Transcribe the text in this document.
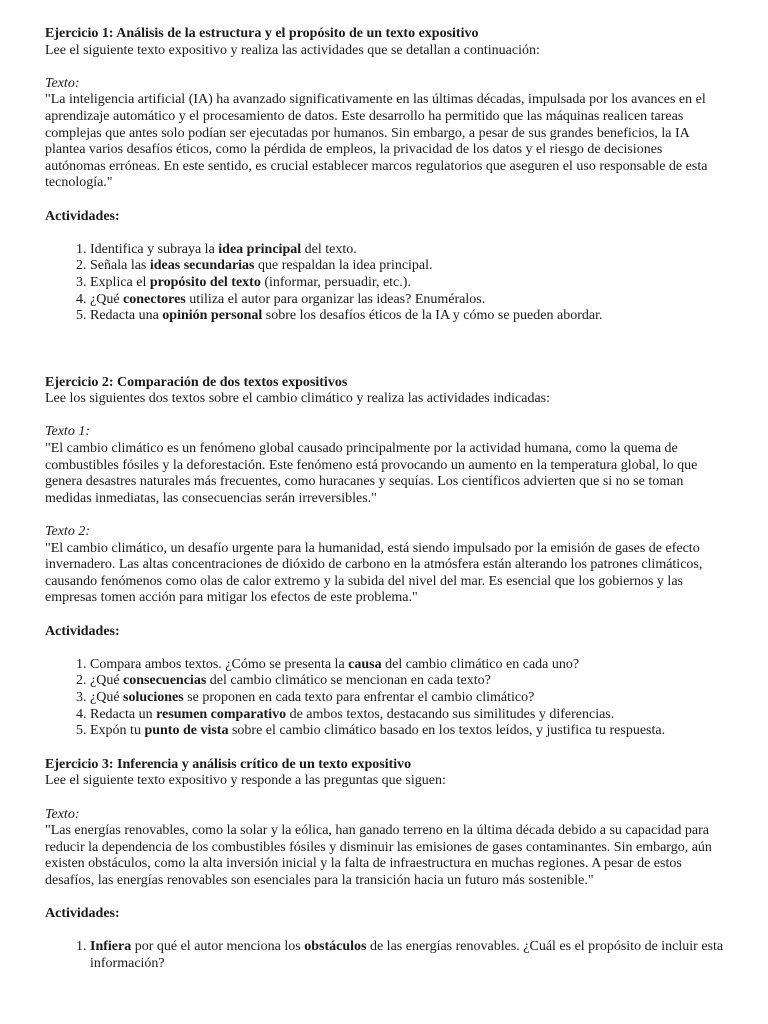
Ejercicio 1: Análisis de la estructura y el propósito de un texto expositivo

Lee el siguiente texto expositivo y realiza las actividades que se detallan a continuación:

Texto:

"La inteligencia artificial (IA) ha avanzado significativamente en las últimas décadas, impulsada por los avances en el aprendizaje automático y el procesamiento de datos. Este desarrollo ha permitido que las máquinas realicen tareas complejas que antes solo podían ser ejecutadas por humanos. Sin embargo, a pesar de sus grandes beneficios, la IA plantea varios desafíos éticos, como la pérdida de empleos, la privacidad de los datos y el riesgo de decisiones autónomas erróneas. En este sentido, es crucial establecer marcos regulatorios que aseguren el uso responsable de esta tecnología."

Actividades:

1. Identifica y subraya la idea principal del texto.
2. Señala las ideas secundarias que respaldan la idea principal.
3. Explica el propósito del texto (informar, persuadir, etc.).
4. ¿Qué conectores utiliza el autor para organizar las ideas? Enuméralos.
5. Redacta una opinión personal sobre los desafíos éticos de la IA y cómo se pueden abordar.

Ejercicio 2: Comparación de dos textos expositivos

Lee los siguientes dos textos sobre el cambio climático y realiza las actividades indicadas:

Texto 1:

"El cambio climático es un fenómeno global causado principalmente por la actividad humana, como la quema de combustibles fósiles y la deforestación. Este fenómeno está provocando un aumento en la temperatura global, lo que genera desastres naturales más frecuentes, como huracanes y sequías. Los científicos advierten que si no se toman medidas inmediatas, las consecuencias serán irreversibles."

Texto 2:

"El cambio climático, un desafío urgente para la humanidad, está siendo impulsado por la emisión de gases de efecto invernadero. Las altas concentraciones de dióxido de carbono en la atmósfera están alterando los patrones climáticos, causando fenómenos como olas de calor extremo y la subida del nivel del mar. Es esencial que los gobiernos y las empresas tomen acción para mitigar los efectos de este problema."

Actividades:

1. Compara ambos textos. ¿Cómo se presenta la causa del cambio climático en cada uno?
2. ¿Qué consecuencias del cambio climático se mencionan en cada texto?
3. ¿Qué soluciones se proponen en cada texto para enfrentar el cambio climático?
4. Redacta un resumen comparativo de ambos textos, destacando sus similitudes y diferencias.
5. Expón tu punto de vista sobre el cambio climático basado en los textos leídos, y justifica tu respuesta.

Ejercicio 3: Inferencia y análisis crítico de un texto expositivo

Lee el siguiente texto expositivo y responde a las preguntas que siguen:

Texto:

"Las energías renovables, como la solar y la eólica, han ganado terreno en la última década debido a su capacidad para reducir la dependencia de los combustibles fósiles y disminuir las emisiones de gases contaminantes. Sin embargo, aún existen obstáculos, como la alta inversión inicial y la falta de infraestructura en muchas regiones. A pesar de estos desafíos, las energías renovables son esenciales para la transición hacia un futuro más sostenible."

Actividades:

1. Infiera por qué el autor menciona los obstáculos de las energías renovables. ¿Cuál es el propósito de incluir esta información?
